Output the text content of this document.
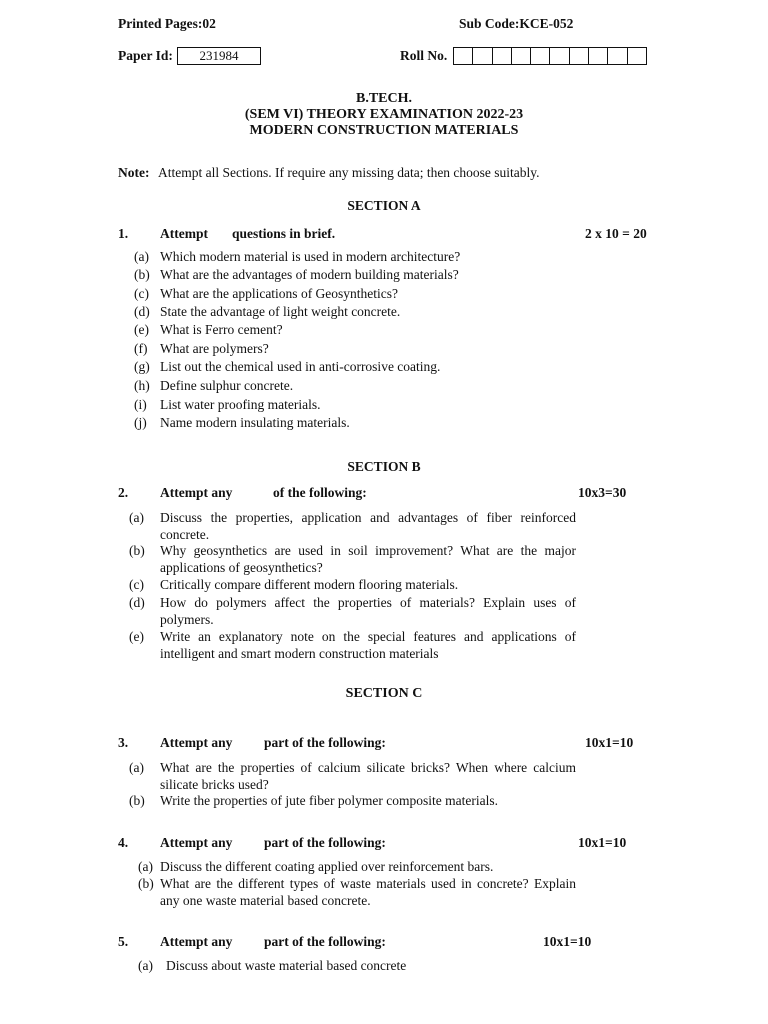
Printed Pages:02	Sub Code:KCE-052
Paper Id:	231984	Roll No.
B.TECH.
(SEM VI) THEORY EXAMINATION 2022-23
MODERN CONSTRUCTION MATERIALS
Note: Attempt all Sections. If require any missing data; then choose suitably.
SECTION A
1. Attempt questions in brief.	2 x 10 = 20
(a) Which modern material is used in modern architecture?
(b) What are the advantages of modern building materials?
(c) What are the applications of Geosynthetics?
(d) State the advantage of light weight concrete.
(e) What is Ferro cement?
(f) What are polymers?
(g) List out the chemical used in anti-corrosive coating.
(h) Define sulphur concrete.
(i) List water proofing materials.
(j) Name modern insulating materials.
SECTION B
2. Attempt any	of the following:	10x3=30
(a) Discuss the properties, application and advantages of fiber reinforced
concrete.
(b) Why geosynthetics are used in soil improvement? What are the major
applications of geosynthetics?
(c) Critically compare different modern flooring materials.
(d) How do polymers affect the properties of materials? Explain uses of
polymers.
(e) Write an explanatory note on the special features and applications of
intelligent and smart modern construction materials
SECTION C
3. Attempt any part of the following:	10x1=10
(a) What are the properties of calcium silicate bricks? When where calcium
silicate bricks used?
(b) Write the properties of jute fiber polymer composite materials.
4. Attempt any part of the following:	10x1=10
(a) Discuss the different coating applied over reinforcement bars.
(b) What are the different types of waste materials used in concrete? Explain
any one waste material based concrete.
5. Attempt any part of the following:	10x1=10
(a) Discuss about waste material based concrete
